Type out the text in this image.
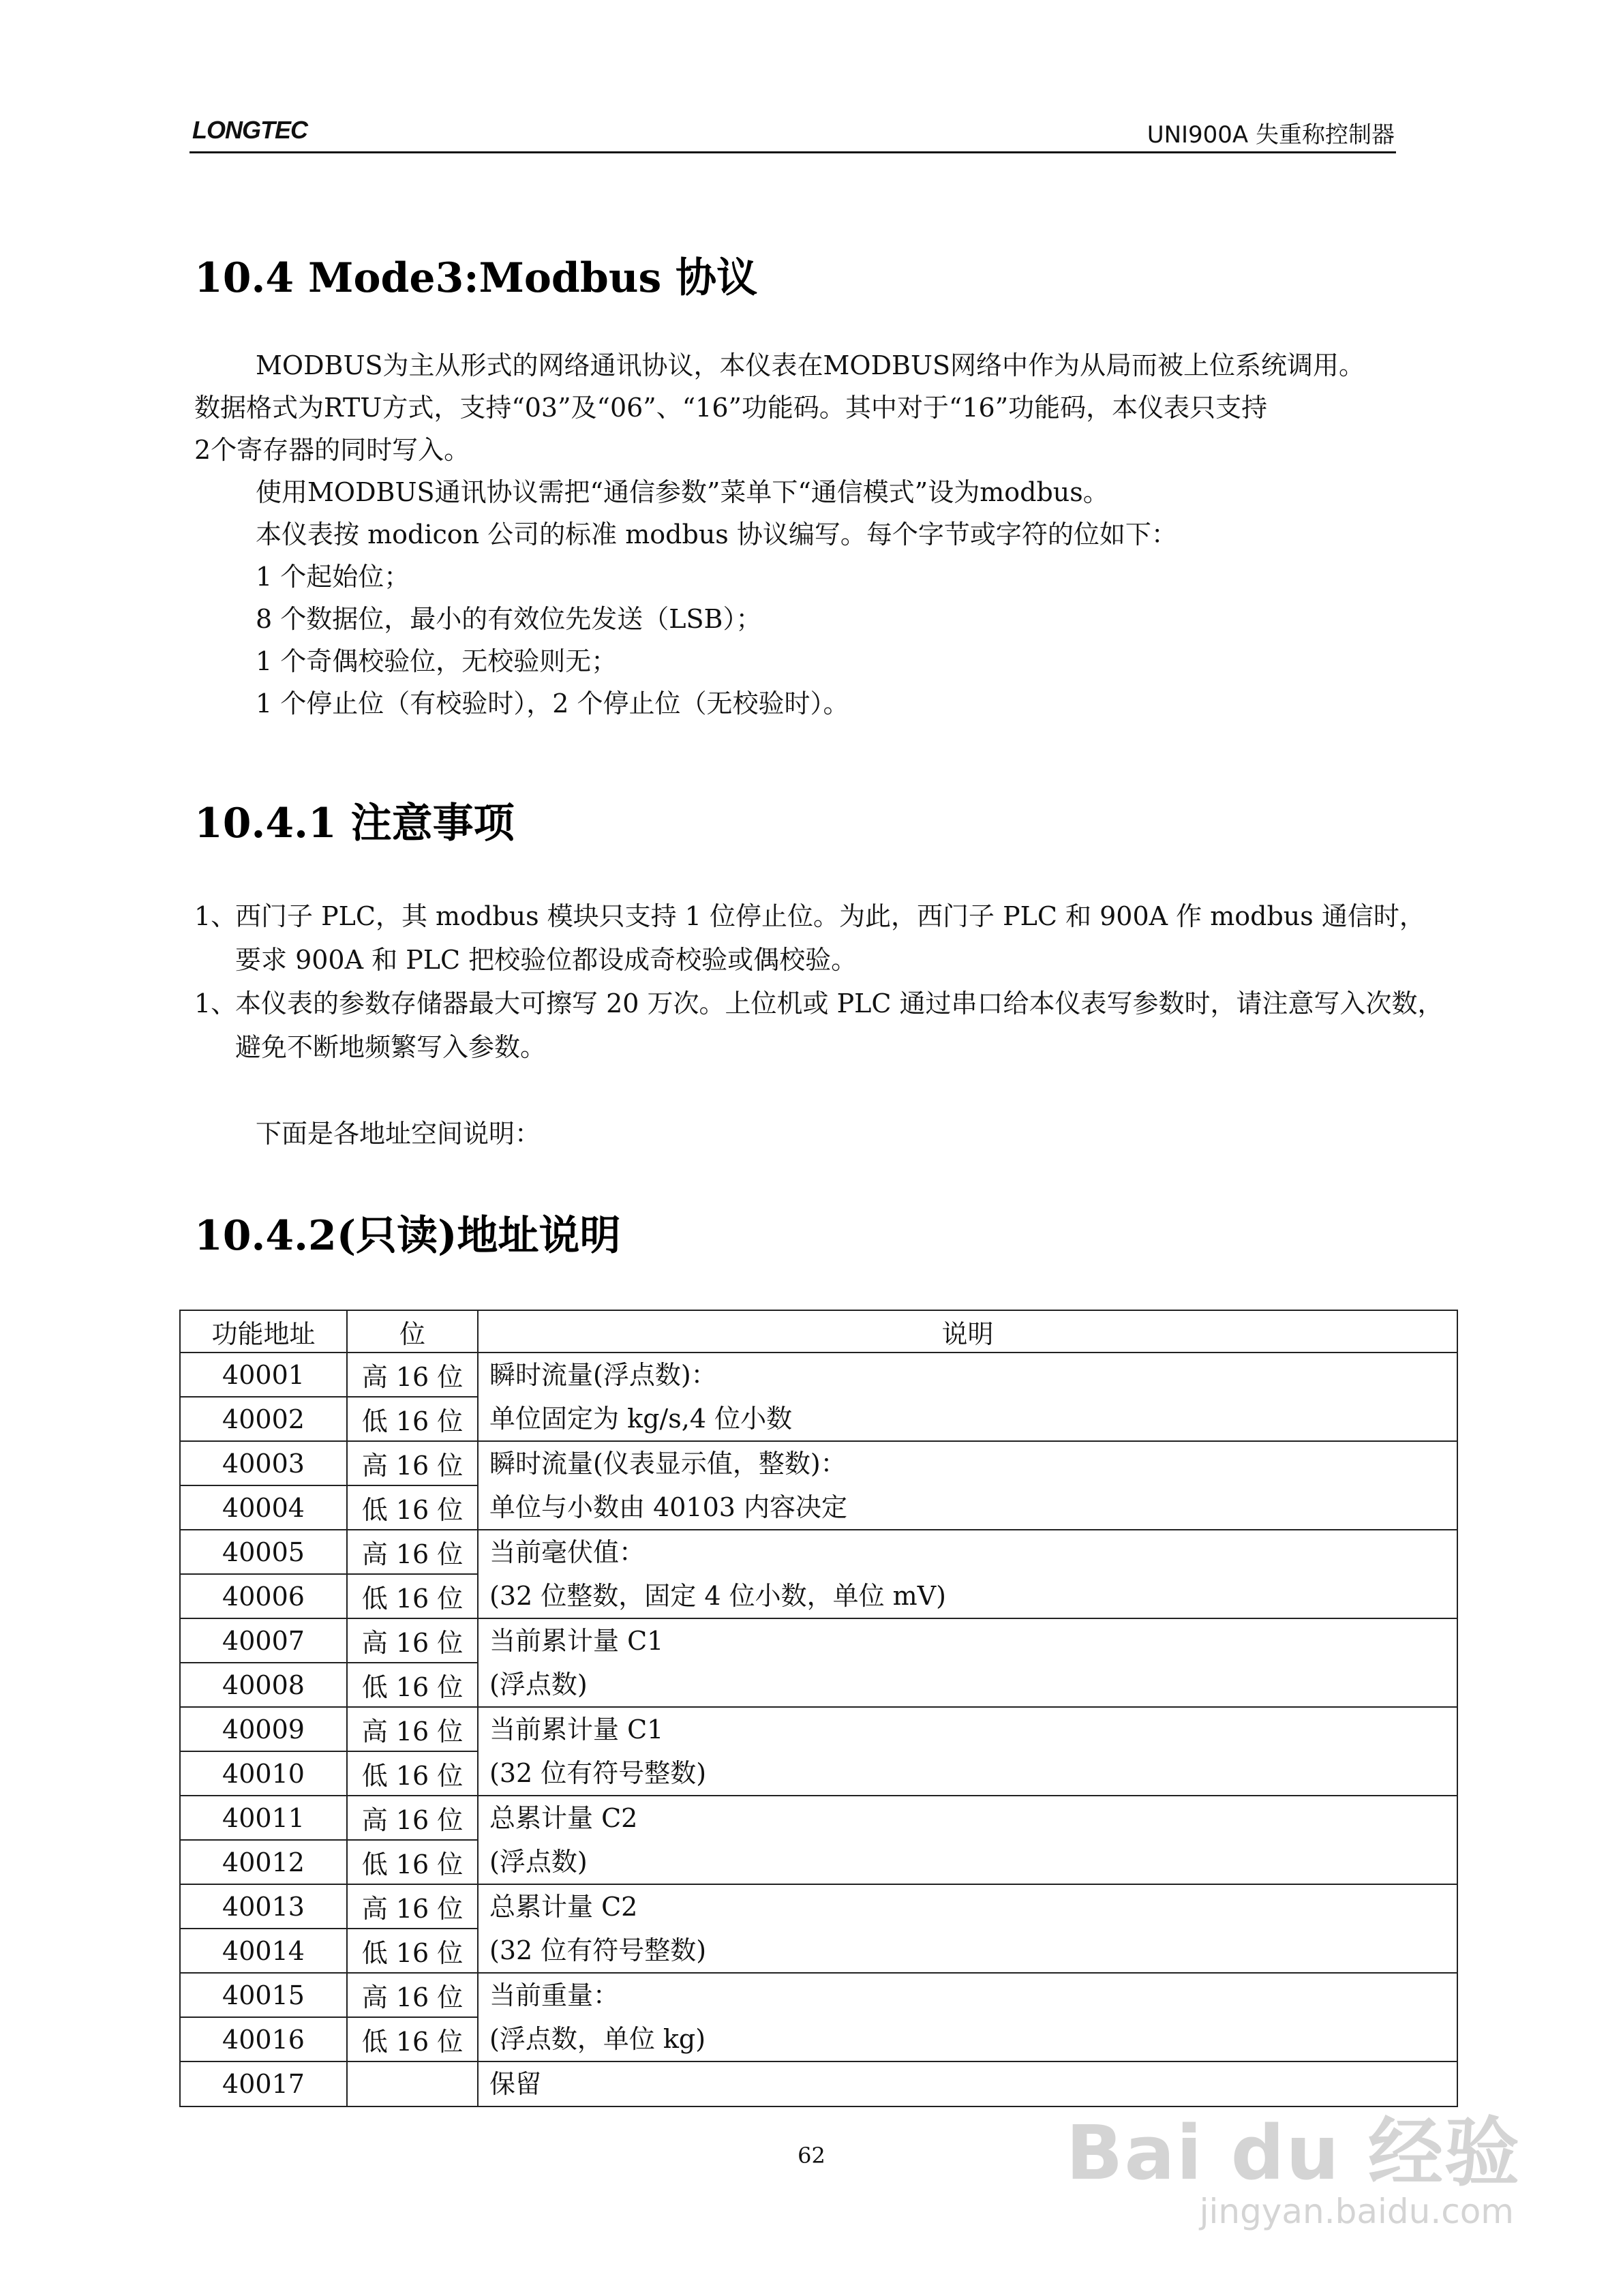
LONGTEC	UNI900A 失重称控制器
10.4 Mode3:Modbus 协议

MODBUS为主从形式的网络通讯协议，本仪表在MODBUS网络中作为从局而被上位系统调用。

数据格式为RTU方式，支持“03”及“06”、“16”功能码。其中对于“16”功能码，本仪表只支持

2个寄存器的同时写入。

使用MODBUS通讯协议需把“通信参数”菜单下“通信模式”设为modbus。

本仪表按 modicon 公司的标准 modbus 协议编写。每个字节或字符的位如下：

1 个起始位；

8 个数据位，最小的有效位先发送（LSB）；

1 个奇偶校验位，无校验则无；

1 个停止位（有校验时），2 个停止位（无校验时）。

10.4.1 注意事项
1、
西门子 PLC，其 modbus 模块只支持 1 位停止位。为此，西门子 PLC 和 900A 作 modbus 通信时，要求 900A 和 PLC 把校验位都设成奇校验或偶校验。
1、
本仪表的参数存储器最大可擦写 20 万次。上位机或 PLC 通过串口给本仪表写参数时，请注意写入次数，避免不断地频繁写入参数。
下面是各地址空间说明：
10.4.2(只读)地址说明
功能地址	位	说明
40001	高 16 位	瞬时流量(浮点数)：
40002	低 16 位	单位固定为 kg/s,4 位小数
40003	高 16 位	瞬时流量(仪表显示值，整数)：
40004	低 16 位	单位与小数由 40103 内容决定
40005	高 16 位	当前毫伏值：
40006	低 16 位	(32 位整数，固定 4 位小数，单位 mV)
40007	高 16 位	当前累计量 C1
40008	低 16 位	(浮点数)
40009	高 16 位	当前累计量 C1
40010	低 16 位	(32 位有符号整数)
40011	高 16 位	总累计量 C2
40012	低 16 位	(浮点数)
40013	高 16 位	总累计量 C2
40014	低 16 位	(32 位有符号整数)
40015	高 16 位	当前重量：
40016	低 16 位	(浮点数，单位 kg)
40017		保留
62	Bai du 经验
jingyan.baidu.com
